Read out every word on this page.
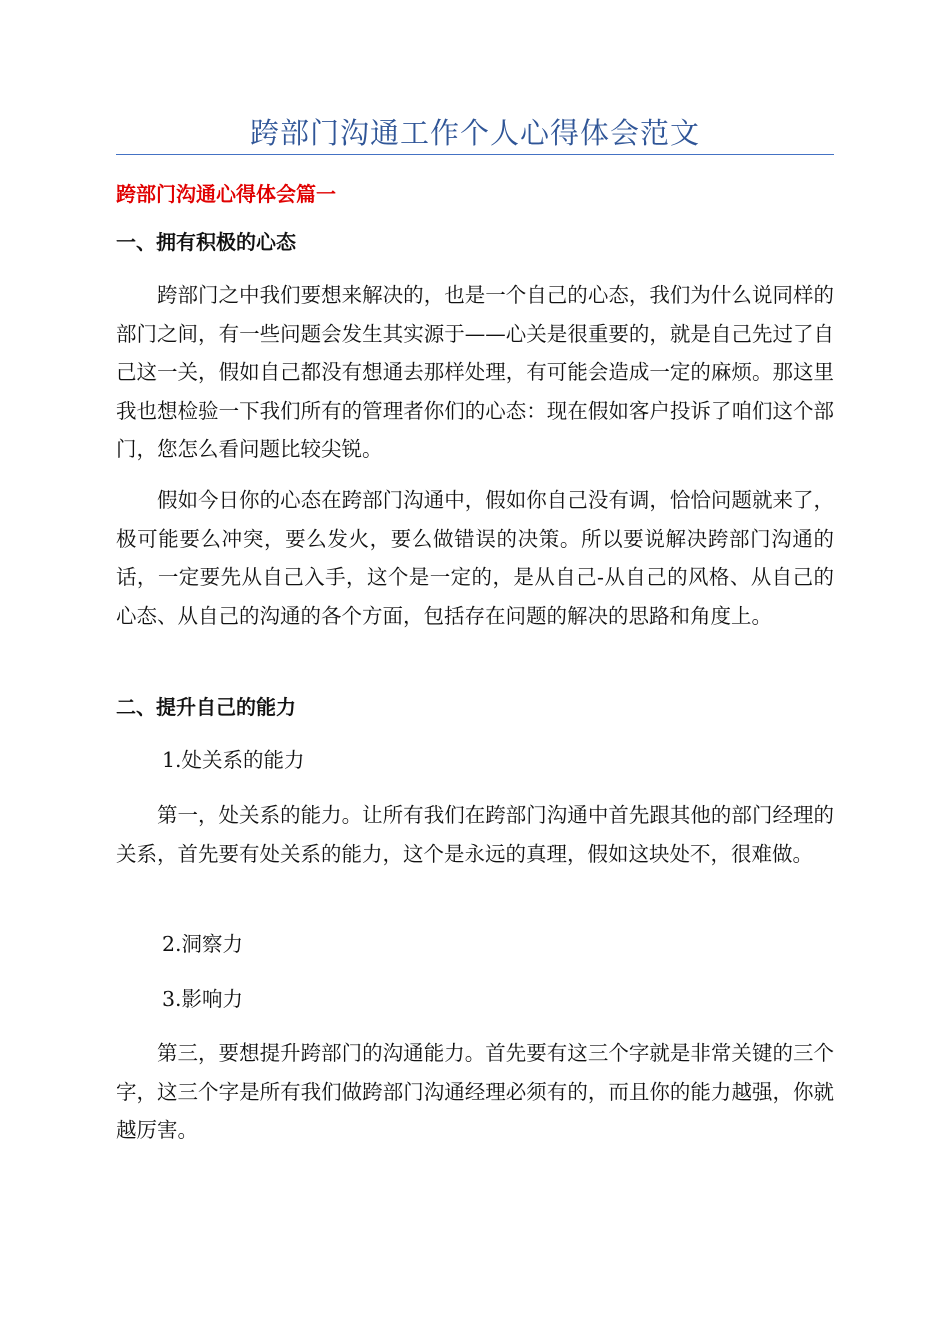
跨部门沟通工作个人心得体会范文
跨部门沟通心得体会篇一
一、拥有积极的心态

跨部门之中我们要想来解决的，也是一个自己的心态，我们为什么说同样的部门之间，有一些问题会发生其实源于——心关是很重要的，就是自己先过了自己这一关，假如自己都没有想通去那样处理，有可能会造成一定的麻烦。那这里我也想检验一下我们所有的管理者你们的心态：现在假如客户投诉了咱们这个部门，您怎么看问题比较尖锐。

假如今日你的心态在跨部门沟通中，假如你自己没有调，恰恰问题就来了，极可能要么冲突，要么发火，要么做错误的决策。所以要说解决跨部门沟通的话，一定要先从自己入手，这个是一定的，是从自己-从自己的风格、从自己的心态、从自己的沟通的各个方面，包括存在问题的解决的思路和角度上。

二、提升自己的能力
1.处关系的能力

第一，处关系的能力。让所有我们在跨部门沟通中首先跟其他的部门经理的关系，首先要有处关系的能力，这个是永远的真理，假如这块处不，很难做。

2.洞察力
3.影响力

第三，要想提升跨部门的沟通能力。首先要有这三个字就是非常关键的三个字，这三个字是所有我们做跨部门沟通经理必须有的，而且你的能力越强，你就越厉害。
